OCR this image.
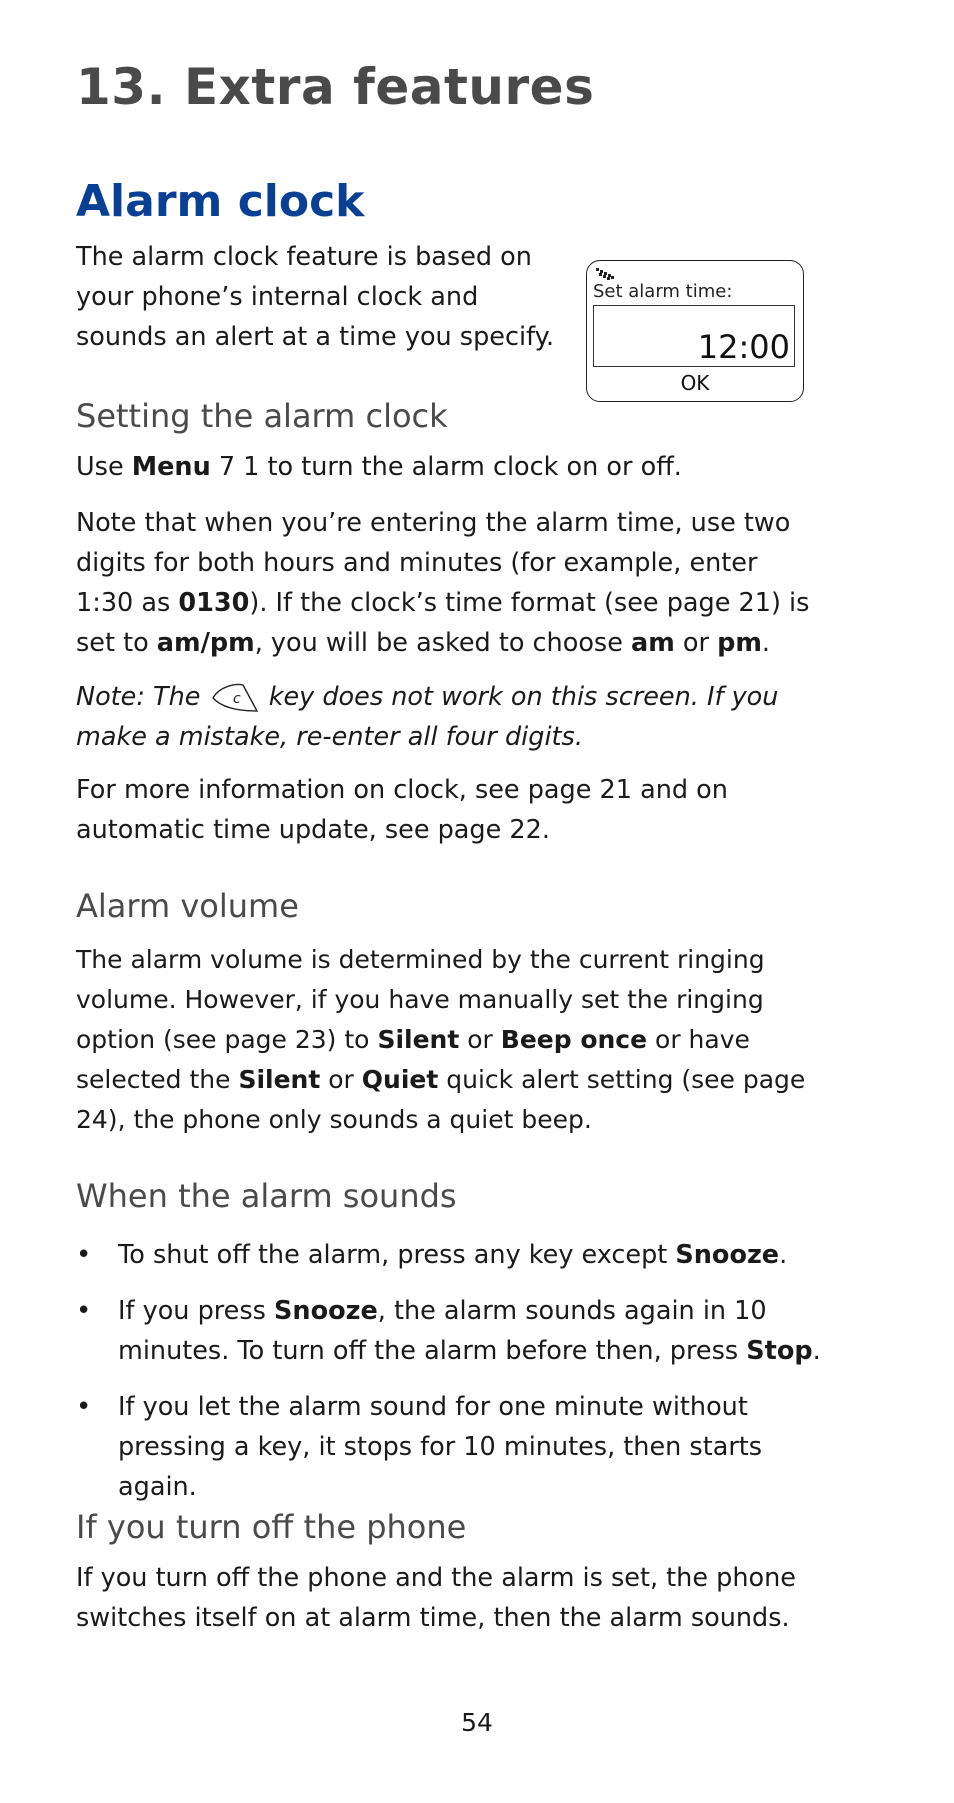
13. Extra features
Alarm clock

The alarm clock feature is based on your phone’s internal clock and sounds an alert at a time you specify.

Set alarm time:
12:00
OK
Setting the alarm clock

Use Menu 7 1 to turn the alarm clock on or off.

Note that when you’re entering the alarm time, use two digits for both hours and minutes (for example, enter 1:30 as 0130). If the clock’s time format (see page 21) is set to am/pm, you will be asked to choose am or pm.

Note: The c key does not work on this screen. If you make a mistake, re-enter all four digits.

For more information on clock, see page 21 and on automatic time update, see page 22.

Alarm volume

The alarm volume is determined by the current ringing volume. However, if you have manually set the ringing option (see page 23) to Silent or Beep once or have selected the Silent or Quiet quick alert setting (see page 24), the phone only sounds a quiet beep.

When the alarm sounds
• To shut off the alarm, press any key except Snooze.
• If you press Snooze, the alarm sounds again in 10 minutes. To turn off the alarm before then, press Stop.
• If you let the alarm sound for one minute without pressing a key, it stops for 10 minutes, then starts again.
If you turn off the phone

If you turn off the phone and the alarm is set, the phone switches itself on at alarm time, then the alarm sounds.

54
